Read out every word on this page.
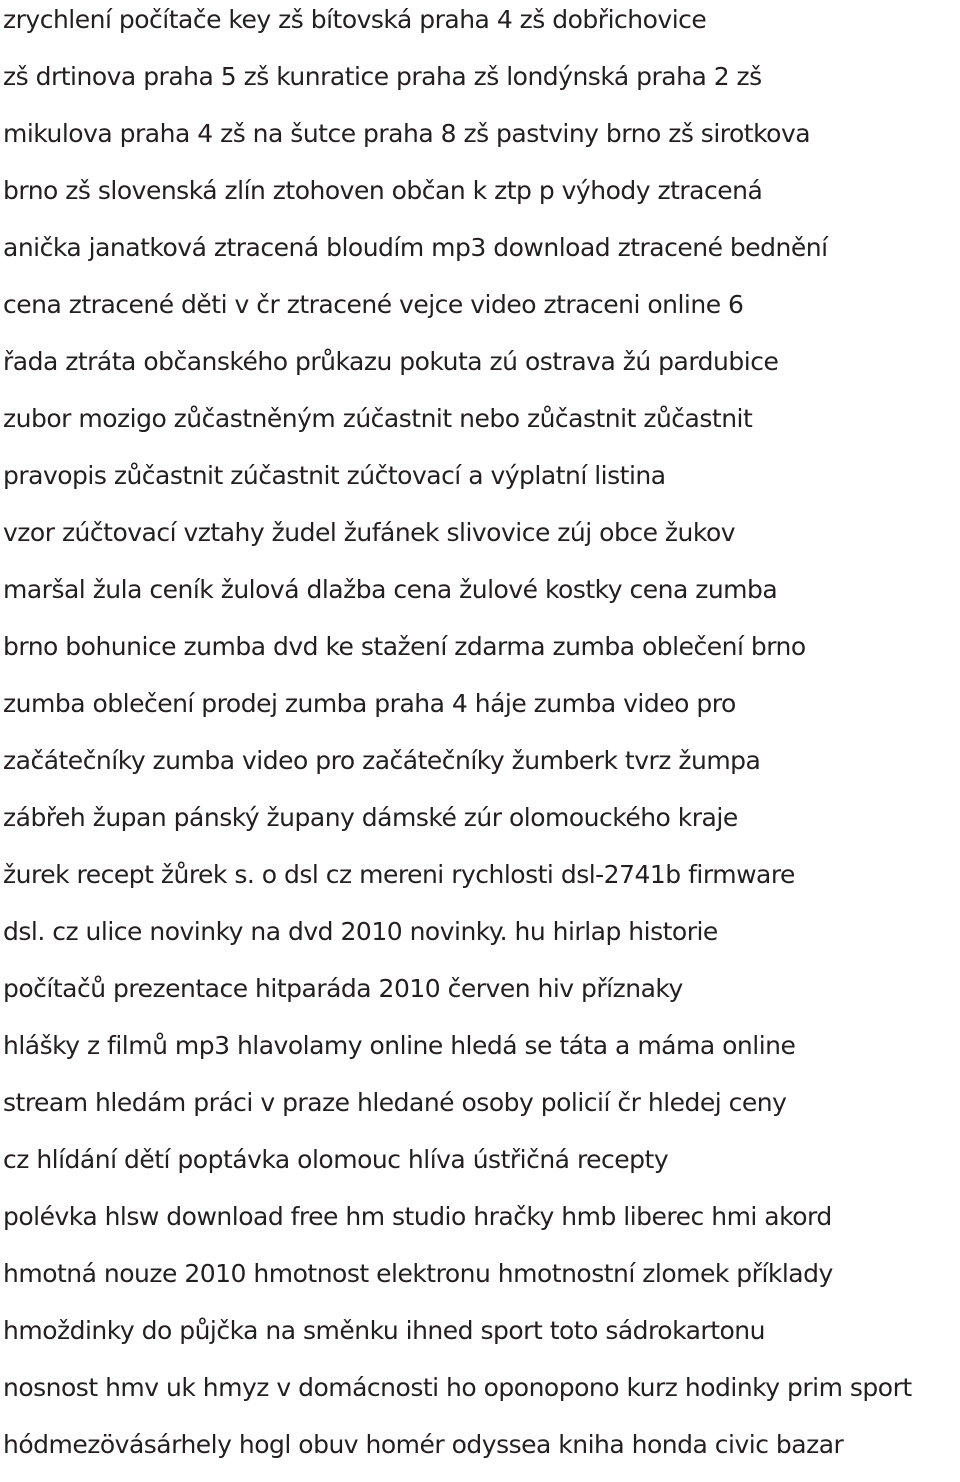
zrychlení počítače key zš bítovská praha 4 zš dobřichovice
zš drtinova praha 5 zš kunratice praha zš londýnská praha 2 zš
mikulova praha 4 zš na šutce praha 8 zš pastviny brno zš sirotkova
brno zš slovenská zlín ztohoven občan k ztp p výhody ztracená
anička janatková ztracená bloudím mp3 download ztracené bednění
cena ztracené děti v čr ztracené vejce video ztraceni online 6
řada ztráta občanského průkazu pokuta zú ostrava žú pardubice
zubor mozigo zůčastněným zúčastnit nebo zůčastnit zůčastnit
pravopis zůčastnit zúčastnit zúčtovací a výplatní listina
vzor zúčtovací vztahy žudel žufánek slivovice zúj obce žukov
maršal žula ceník žulová dlažba cena žulové kostky cena zumba
brno bohunice zumba dvd ke stažení zdarma zumba oblečení brno
zumba oblečení prodej zumba praha 4 háje zumba video pro
začátečníky zumba video pro začátečníky žumberk tvrz žumpa
zábřeh župan pánský župany dámské zúr olomouckého kraje
žurek recept žůrek s. o dsl cz mereni rychlosti dsl-2741b firmware
dsl. cz ulice novinky na dvd 2010 novinky. hu hirlap historie
počítačů prezentace hitparáda 2010 červen hiv příznaky
hlášky z filmů mp3 hlavolamy online hledá se táta a máma online
stream hledám práci v praze hledané osoby policií čr hledej ceny
cz hlídání dětí poptávka olomouc hlíva ústřičná recepty
polévka hlsw download free hm studio hračky hmb liberec hmi akord
hmotná nouze 2010 hmotnost elektronu hmotnostní zlomek příklady
hmoždinky do půjčka na směnku ihned sport toto sádrokartonu
nosnost hmv uk hmyz v domácnosti ho oponopono kurz hodinky prim sport
hódmezövásárhely hogl obuv homér odyssea kniha honda civic bazar
